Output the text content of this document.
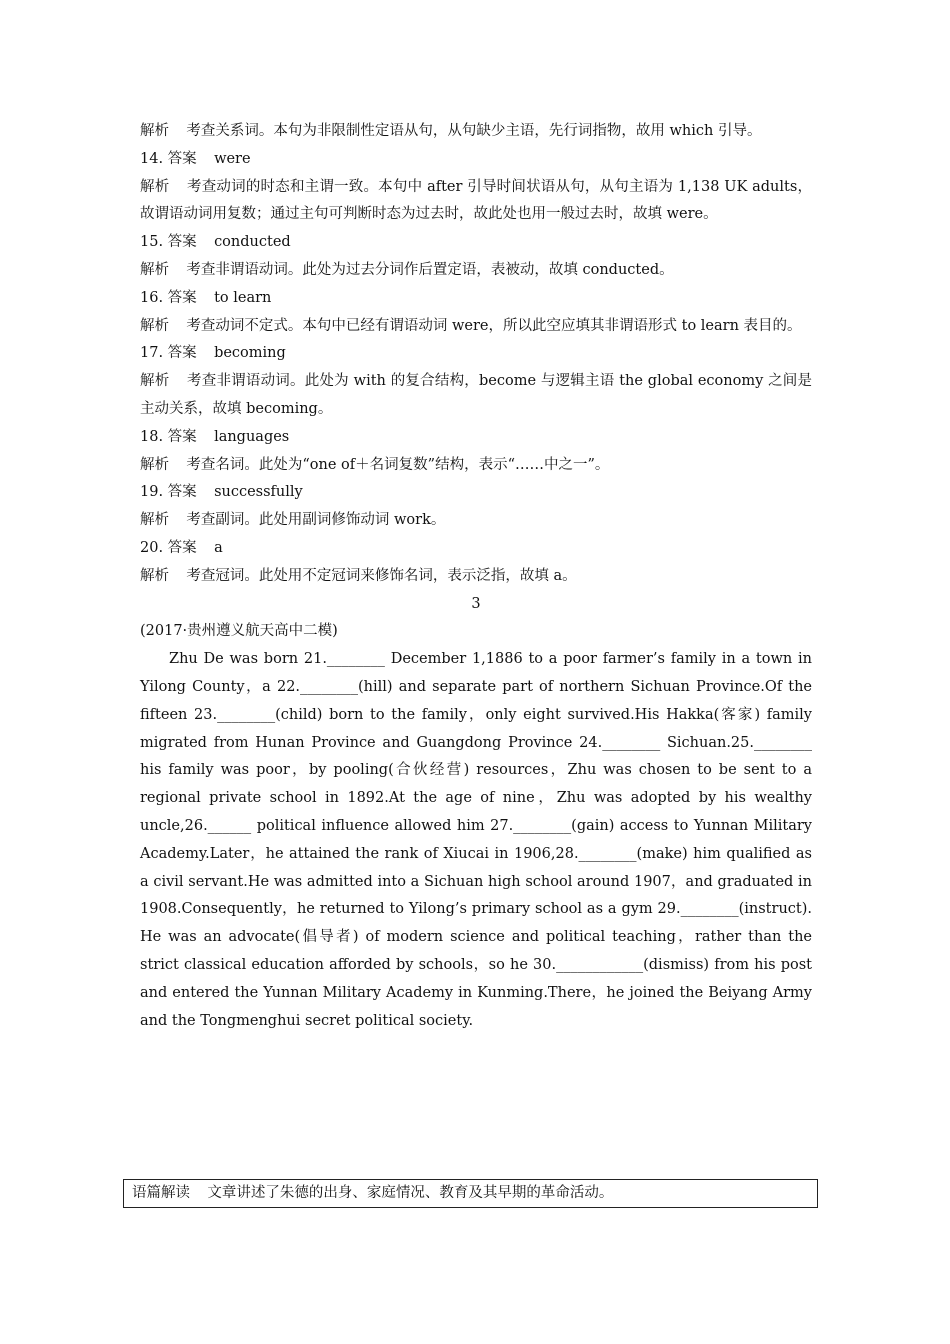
解析 考查关系词。本句为非限制性定语从句，从句缺少主语，先行词指物，故用 which 引导。

14. 答案 were

解析 考查动词的时态和主谓一致。本句中 after 引导时间状语从句，从句主语为 1,138 UK adults，故谓语动词用复数；通过主句可判断时态为过去时，故此处也用一般过去时，故填 were。

15. 答案 conducted

解析 考查非谓语动词。此处为过去分词作后置定语，表被动，故填 conducted。

16. 答案 to learn

解析 考查动词不定式。本句中已经有谓语动词 were，所以此空应填其非谓语形式 to learn 表目的。

17. 答案 becoming

解析 考查非谓语动词。此处为 with 的复合结构，become 与逻辑主语 the global economy 之间是主动关系，故填 becoming。

18. 答案 languages

解析 考查名词。此处为“one of＋名词复数”结构，表示“……中之一”。

19. 答案 successfully

解析 考查副词。此处用副词修饰动词 work。

20. 答案 a

解析 考查冠词。此处用不定冠词来修饰名词，表示泛指，故填 a。

3

(2017·贵州遵义航天高中二模)

Zhu De was born 21.________ December 1,1886 to a poor farmer’s family in a town in Yilong County，a 22.________(hill) and separate part of northern Sichuan Province.Of the fifteen 23.________(child) born to the family，only eight survived.His Hakka(客家) family migrated from Hunan Province and Guangdong Province 24.________ Sichuan.25.________ his family was poor，by pooling(合伙经营) resources，Zhu was chosen to be sent to a regional private school in 1892.At the age of nine，Zhu was adopted by his wealthy uncle,26.______ political influence allowed him 27.________(gain) access to Yunnan Military Academy.Later，he attained the rank of Xiucai in 1906,28.________(make) him qualified as a civil servant.He was admitted into a Sichuan high school around 1907，and graduated in 1908.Consequently，he returned to Yilong’s primary school as a gym 29.________(instruct). He was an advocate(倡导者) of modern science and political teaching，rather than the strict classical education afforded by schools，so he 30.____________(dismiss) from his post and entered the Yunnan Military Academy in Kunming.There，he joined the Beiyang Army and the Tongmenghui secret political society.

语篇解读 文章讲述了朱德的出身、家庭情况、教育及其早期的革命活动。
